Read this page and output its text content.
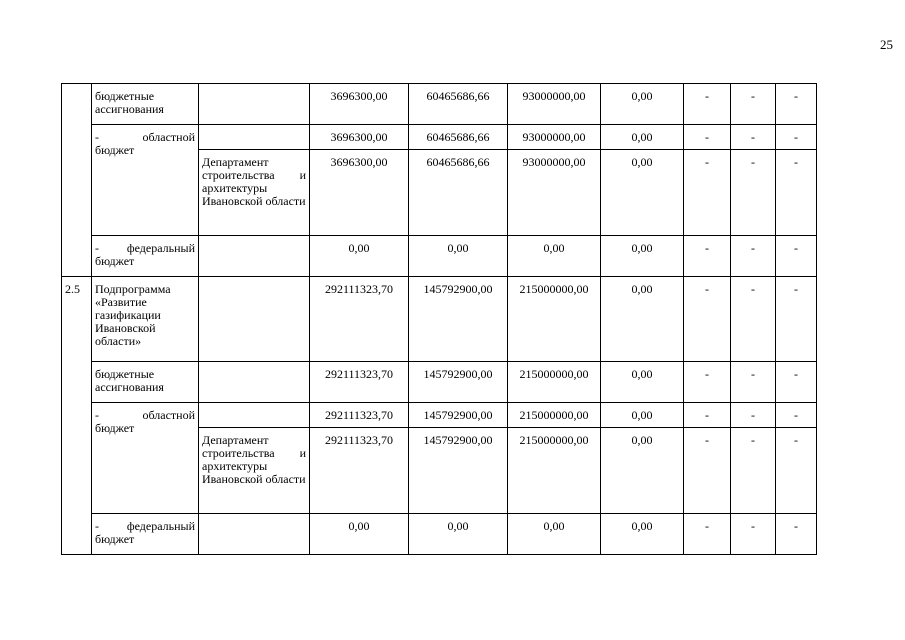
25
	бюджетные ассигнования		3696300,00	60465686,66	93000000,00	0,00	-	-	-

	- областной
бюджет		3696300,00	60465686,66	93000000,00	0,00	-	-	-

		Департамент
строительства и
архитектуры Ивановской области	3696300,00	60465686,66	93000000,00	0,00	-	-	-

	- федеральный
бюджет		0,00	0,00	0,00	0,00	-	-	-
2.5	Подпрограмма «Развитие газификации Ивановской области»		292111323,70	145792900,00	215000000,00	0,00	-	-	-
	бюджетные ассигнования		292111323,70	145792900,00	215000000,00	0,00	-	-	-

	- областной
бюджет		292111323,70	145792900,00	215000000,00	0,00	-	-	-

		Департамент
строительства и
архитектуры Ивановской области	292111323,70	145792900,00	215000000,00	0,00	-	-	-

	- федеральный
бюджет		0,00	0,00	0,00	0,00	-	-	-
